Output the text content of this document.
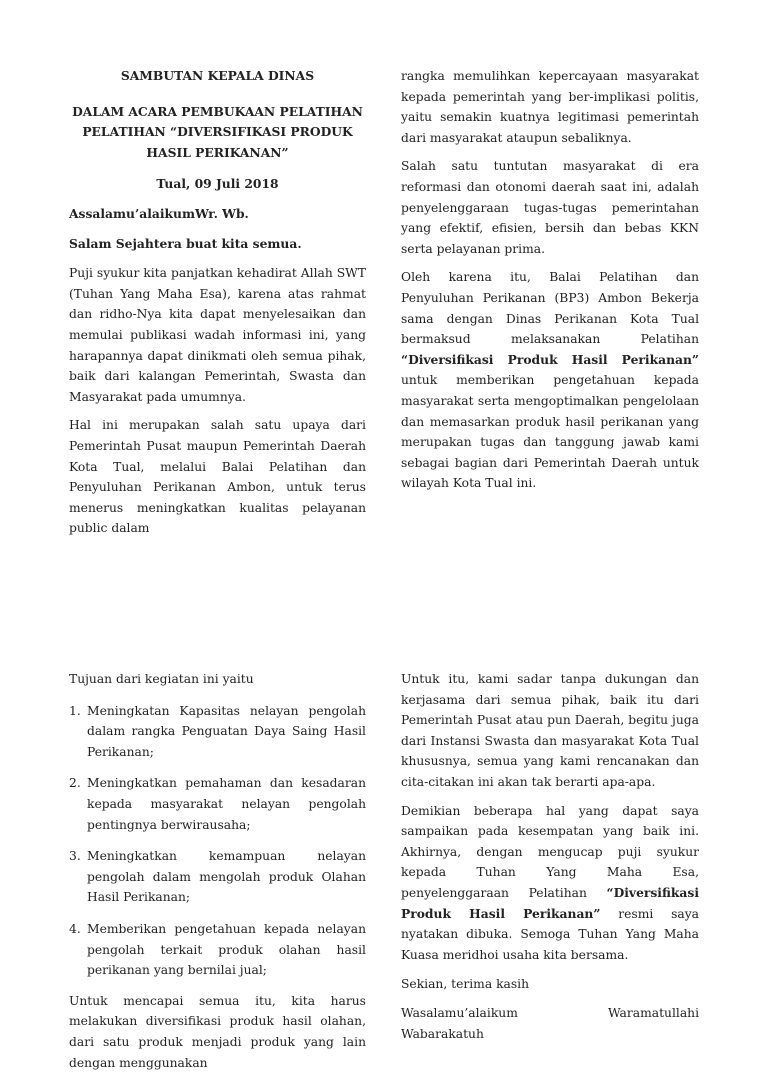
SAMBUTAN KEPALA DINAS

DALAM ACARA PEMBUKAAN PELATIHAN PELATIHAN “DIVERSIFIKASI PRODUK HASIL PERIKANAN”

Tual, 09 Juli 2018

Assalamu’alaikumWr. Wb.

Salam Sejahtera buat kita semua.

Puji syukur kita panjatkan kehadirat Allah SWT (Tuhan Yang Maha Esa), karena atas rahmat dan ridho-Nya kita dapat menyelesaikan dan memulai publikasi wadah informasi ini, yang harapannya dapat dinikmati oleh semua pihak, baik dari kalangan Pemerintah, Swasta dan Masyarakat pada umumnya.

Hal ini merupakan salah satu upaya dari Pemerintah Pusat maupun Pemerintah Daerah Kota Tual, melalui Balai Pelatihan dan Penyuluhan Perikanan Ambon, untuk terus menerus meningkatkan kualitas pelayanan public dalam

rangka memulihkan kepercayaan masyarakat kepada pemerintah yang ber-implikasi politis, yaitu semakin kuatnya legitimasi pemerintah dari masyarakat ataupun sebaliknya.

Salah satu tuntutan masyarakat di era reformasi dan otonomi daerah saat ini, adalah penyelenggaraan tugas-tugas pemerintahan yang efektif, efisien, bersih dan bebas KKN serta pelayanan prima.

Oleh karena itu, Balai Pelatihan dan Penyuluhan Perikanan (BP3) Ambon Bekerja sama dengan Dinas Perikanan Kota Tual bermaksud melaksanakan Pelatihan “Diversifikasi Produk Hasil Perikanan” untuk memberikan pengetahuan kepada masyarakat serta mengoptimalkan pengelolaan dan memasarkan produk hasil perikanan yang merupakan tugas dan tanggung jawab kami sebagai bagian dari Pemerintah Daerah untuk wilayah Kota Tual ini.

Tujuan dari kegiatan ini yaitu

1. Meningkatan Kapasitas nelayan pengolah dalam rangka Penguatan Daya Saing Hasil Perikanan;
2. Meningkatkan pemahaman dan kesadaran kepada masyarakat nelayan pengolah pentingnya berwirausaha;
3. Meningkatkan kemampuan nelayan pengolah dalam mengolah produk Olahan Hasil Perikanan;
4. Memberikan pengetahuan kepada nelayan pengolah terkait produk olahan hasil perikanan yang bernilai jual;

Untuk mencapai semua itu, kita harus melakukan diversifikasi produk hasil olahan, dari satu produk menjadi produk yang lain dengan menggunakan

Untuk itu, kami sadar tanpa dukungan dan kerjasama dari semua pihak, baik itu dari Pemerintah Pusat atau pun Daerah, begitu juga dari Instansi Swasta dan masyarakat Kota Tual khususnya, semua yang kami rencanakan dan cita-citakan ini akan tak berarti apa-apa.

Demikian beberapa hal yang dapat saya sampaikan pada kesempatan yang baik ini. Akhirnya, dengan mengucap puji syukur kepada Tuhan Yang Maha Esa, penyelenggaraan Pelatihan “Diversifikasi Produk Hasil Perikanan” resmi saya nyatakan dibuka. Semoga Tuhan Yang Maha Kuasa meridhoi usaha kita bersama.

Sekian, terima kasih

Wasalamu’alaikum Waramatullahi Wabarakatuh
